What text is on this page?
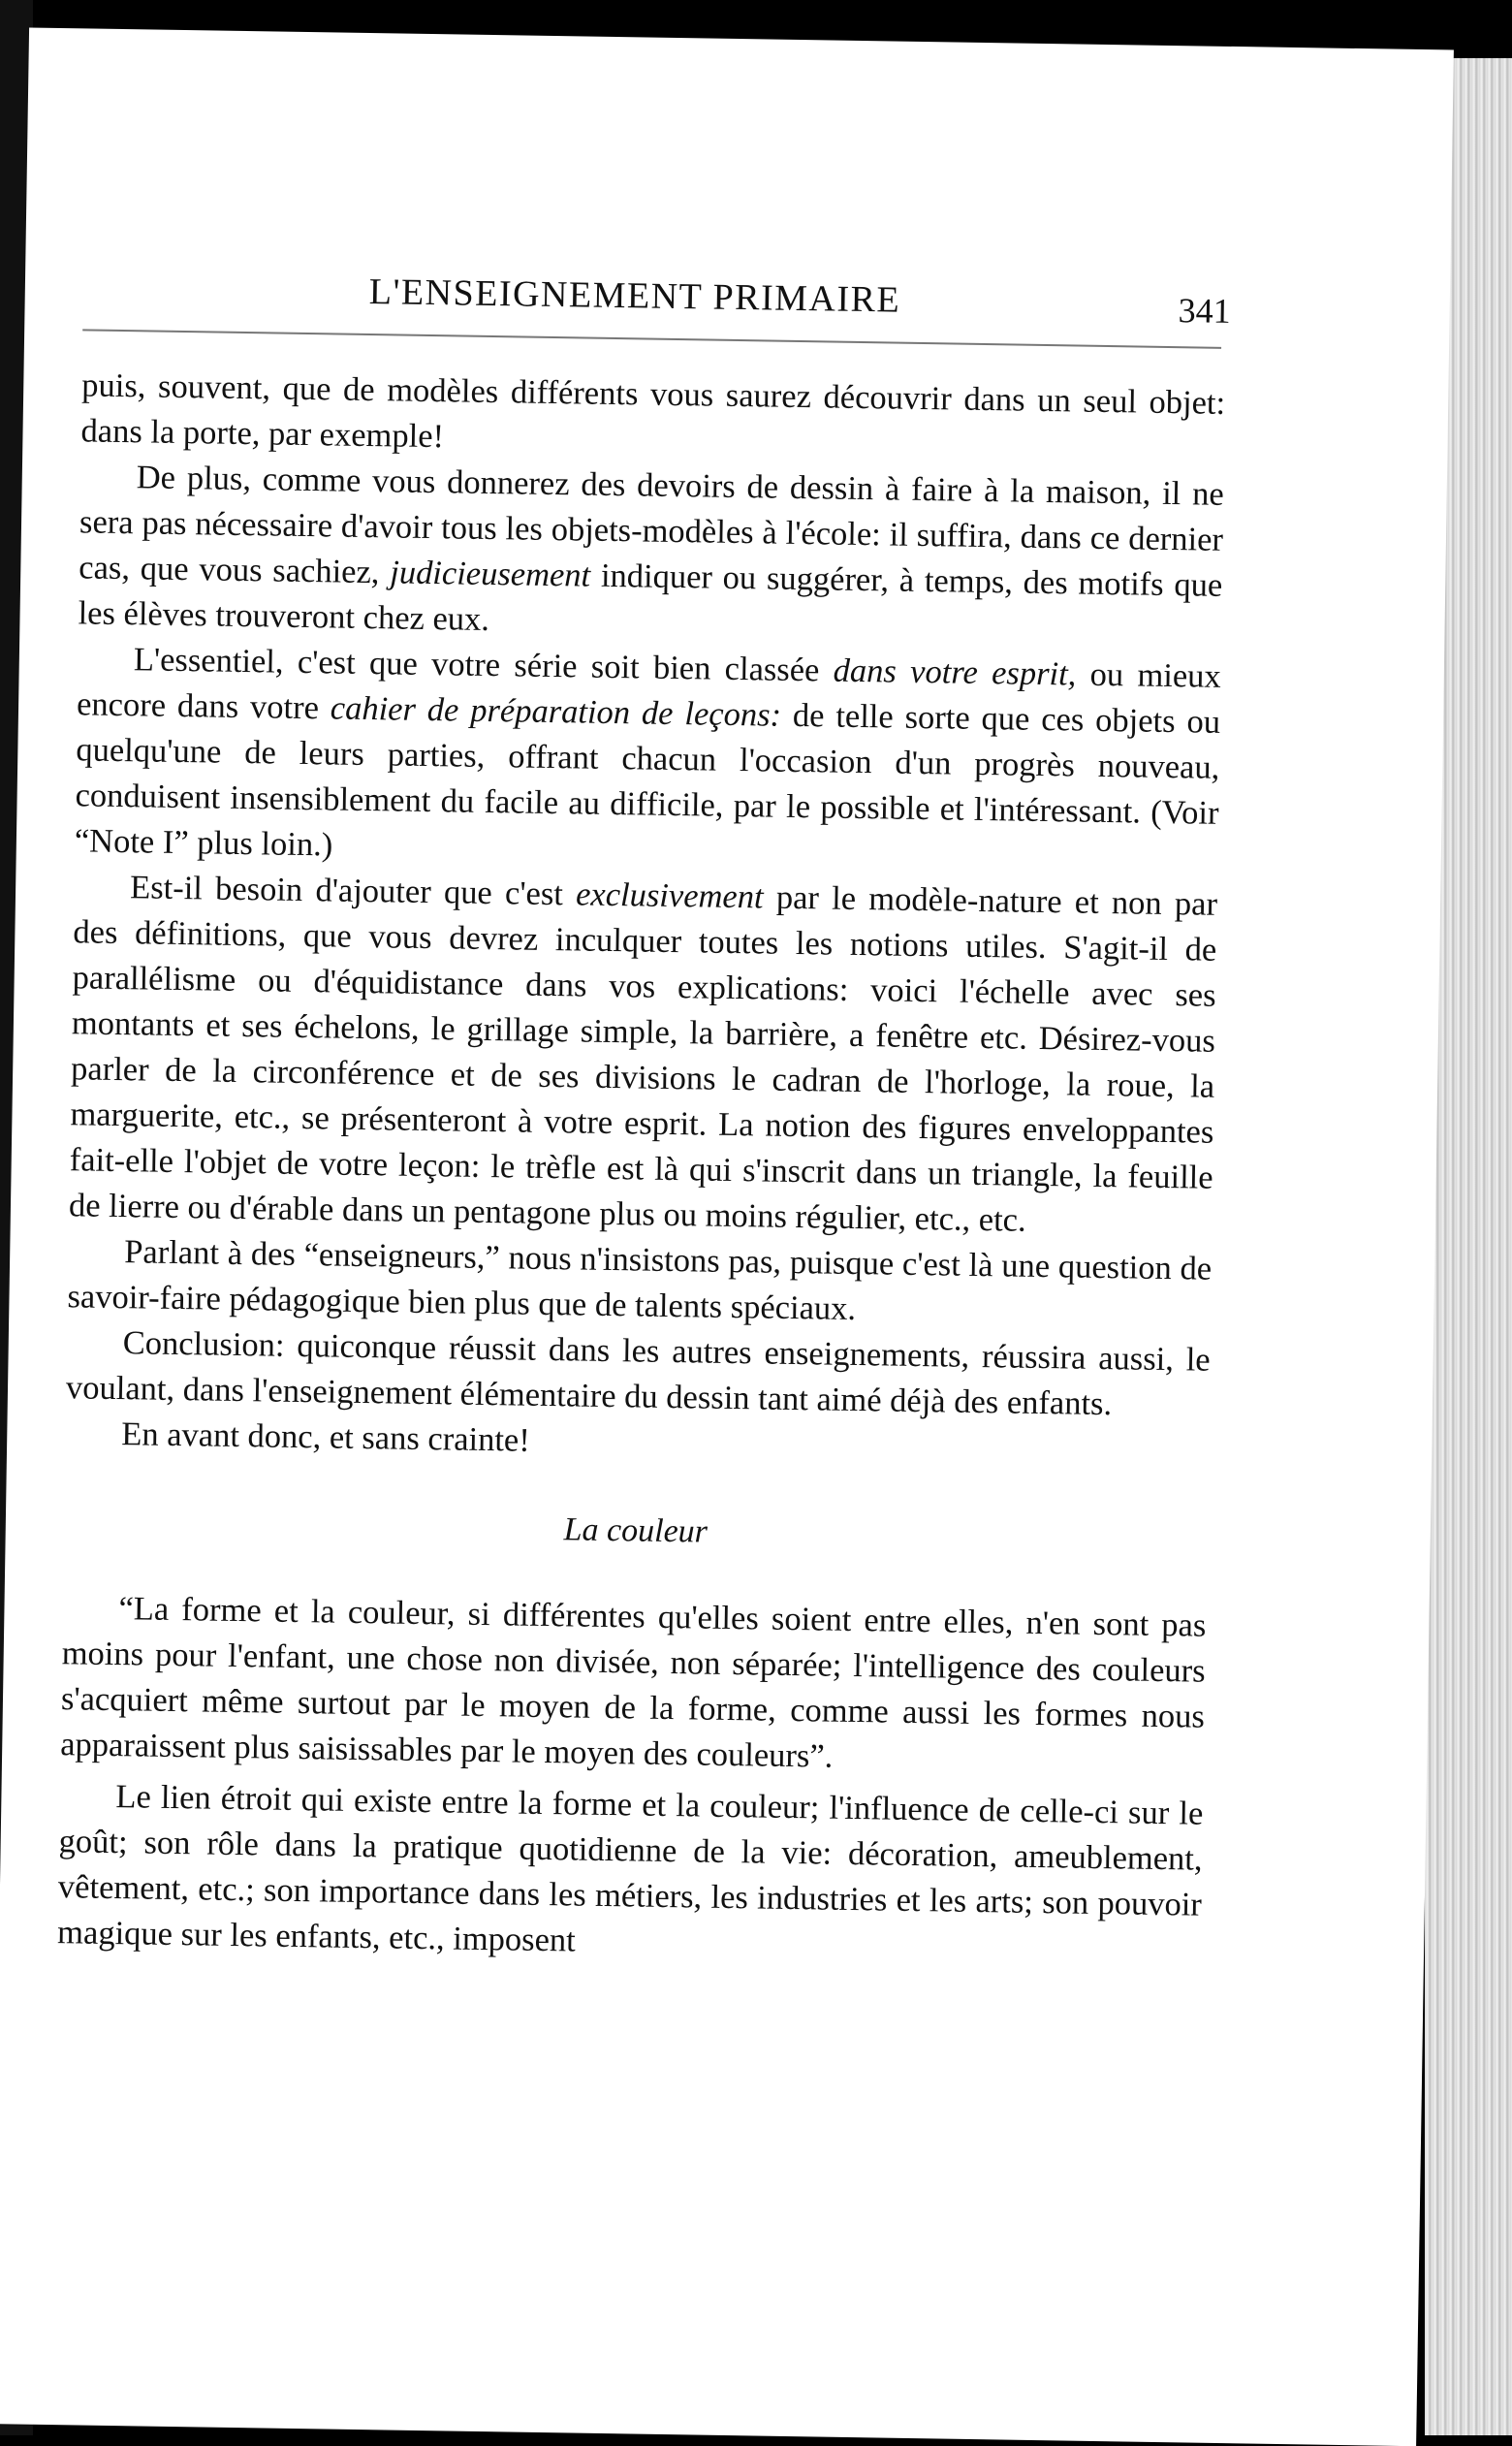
L'ENSEIGNEMENT PRIMAIRE	341

puis, souvent, que de modèles différents vous saurez découvrir dans un seul objet: dans la porte, par exemple!

De plus, comme vous donnerez des devoirs de dessin à faire à la maison, il ne sera pas nécessaire d'avoir tous les objets-modèles à l'école: il suffira, dans ce dernier cas, que vous sachiez, judicieusement indiquer ou suggérer, à temps, des motifs que les élèves trouveront chez eux.

L'essentiel, c'est que votre série soit bien classée dans votre esprit, ou mieux encore dans votre cahier de préparation de leçons: de telle sorte que ces objets ou quelqu'une de leurs parties, offrant chacun l'occasion d'un progrès nouveau, conduisent insensiblement du facile au difficile, par le possible et l'intéressant. (Voir “Note I” plus loin.)

Est-il besoin d'ajouter que c'est exclusivement par le modèle-nature et non par des définitions, que vous devrez inculquer toutes les notions utiles. S'agit-il de parallélisme ou d'équidistance dans vos explications: voici l'échelle avec ses montants et ses échelons, le grillage simple, la barrière, a fenêtre etc. Désirez-vous parler de la circonférence et de ses divisions le cadran de l'horloge, la roue, la marguerite, etc., se présenteront à votre esprit. La notion des figures enveloppantes fait-elle l'objet de votre leçon: le trèfle est là qui s'inscrit dans un triangle, la feuille de lierre ou d'érable dans un pentagone plus ou moins régulier, etc., etc.

Parlant à des “enseigneurs,” nous n'insistons pas, puisque c'est là une question de savoir-faire pédagogique bien plus que de talents spéciaux.

Conclusion: quiconque réussit dans les autres enseignements, réussira aussi, le voulant, dans l'enseignement élémentaire du dessin tant aimé déjà des enfants.

En avant donc, et sans crainte!

La couleur

“La forme et la couleur, si différentes qu'elles soient entre elles, n'en sont pas moins pour l'enfant, une chose non divisée, non séparée; l'intelligence des couleurs s'acquiert même surtout par le moyen de la forme, comme aussi les formes nous apparaissent plus saisissables par le moyen des couleurs”.

Le lien étroit qui existe entre la forme et la couleur; l'influence de celle-ci sur le goût; son rôle dans la pratique quotidienne de la vie: décoration, ameublement, vêtement, etc.; son importance dans les métiers, les industries et les arts; son pouvoir magique sur les enfants, etc., imposent
